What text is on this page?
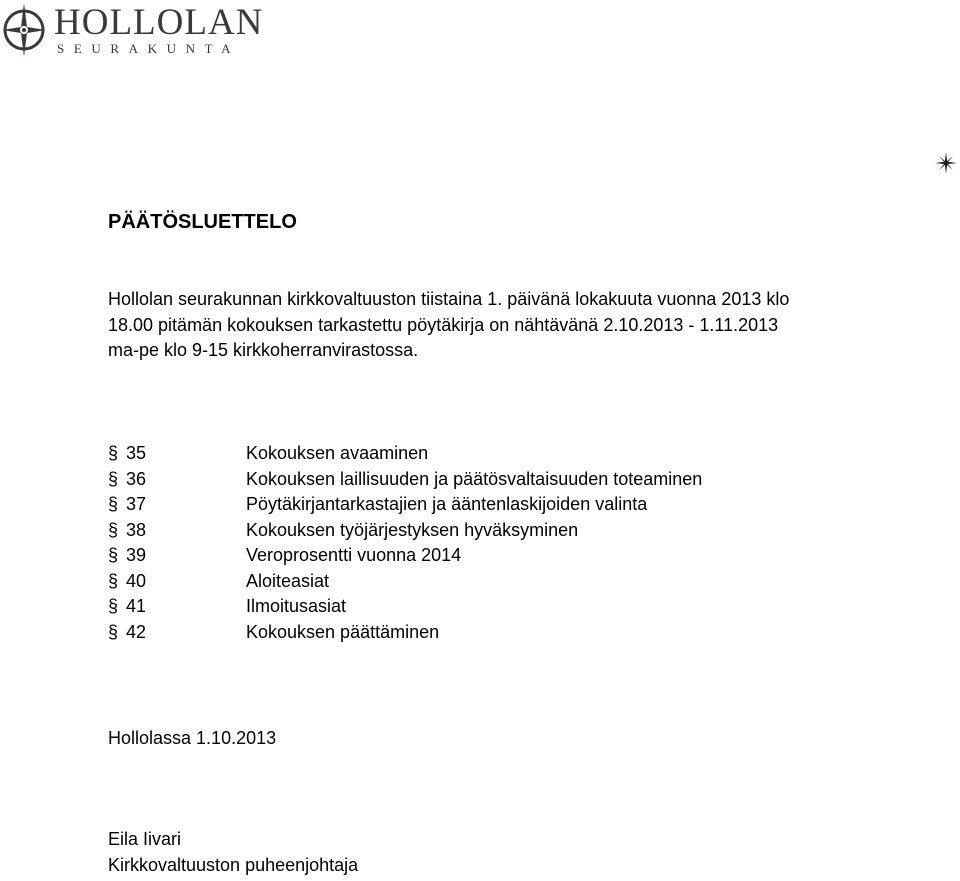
HOLLOLAN
SEURAKUNTA
PÄÄTÖSLUETTELO

Hollolan seurakunnan kirkkovaltuuston tiistaina 1. päivänä lokakuuta vuonna 2013 klo
18.00 pitämän kokouksen tarkastettu pöytäkirja on nähtävänä 2.10.2013 - 1.11.2013
ma-pe klo 9-15 kirkkoherranvirastossa.

§ 35	Kokouksen avaaminen
§ 36	Kokouksen laillisuuden ja päätösvaltaisuuden toteaminen
§ 37	Pöytäkirjantarkastajien ja ääntenlaskijoiden valinta
§ 38	Kokouksen työjärjestyksen hyväksyminen
§ 39	Veroprosentti vuonna 2014
§ 40	Aloiteasiat
§ 41	Ilmoitusasiat
§ 42	Kokouksen päättäminen

Hollolassa 1.10.2013

Eila Iivari

Kirkkovaltuuston puheenjohtaja
